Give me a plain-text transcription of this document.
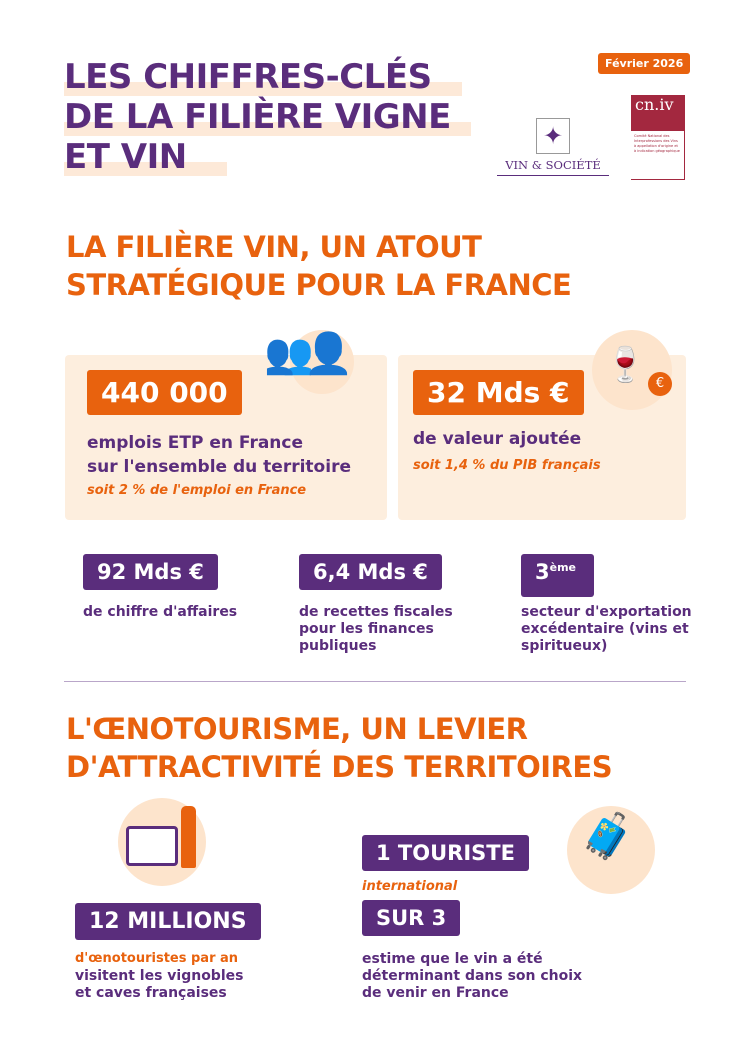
LES CHIFFRES-CLÉS
DE LA FILIÈRE VIGNE
ET VIN
Février 2026
✦
VIN & SOCIÉTÉ
cn.iv
Comité National des Interprofessions des Vins à appellation d'origine et à indication géographique
LA FILIÈRE VIN, UN ATOUT
STRATÉGIQUE POUR LA FRANCE
👥👤
440 000
emplois ETP en France
sur l'ensemble du territoire
soit 2 % de l'emploi en France
🍷 €
32 Mds €
de valeur ajoutée
soit 1,4 % du PIB français
92 Mds €
de chiffre d'affaires
6,4 Mds €
de recettes fiscales pour les finances publiques
3ème
secteur d'exportation excédentaire (vins et spiritueux)
L'ŒNOTOURISME, UN LEVIER
D'ATTRACTIVITÉ DES TERRITOIRES
12 MILLIONS
d'œnotouristes par an
visitent les vignobles
et caves françaises
🧳
1 TOURISTE
international
SUR 3
estime que le vin a été
déterminant dans son choix
de venir en France
